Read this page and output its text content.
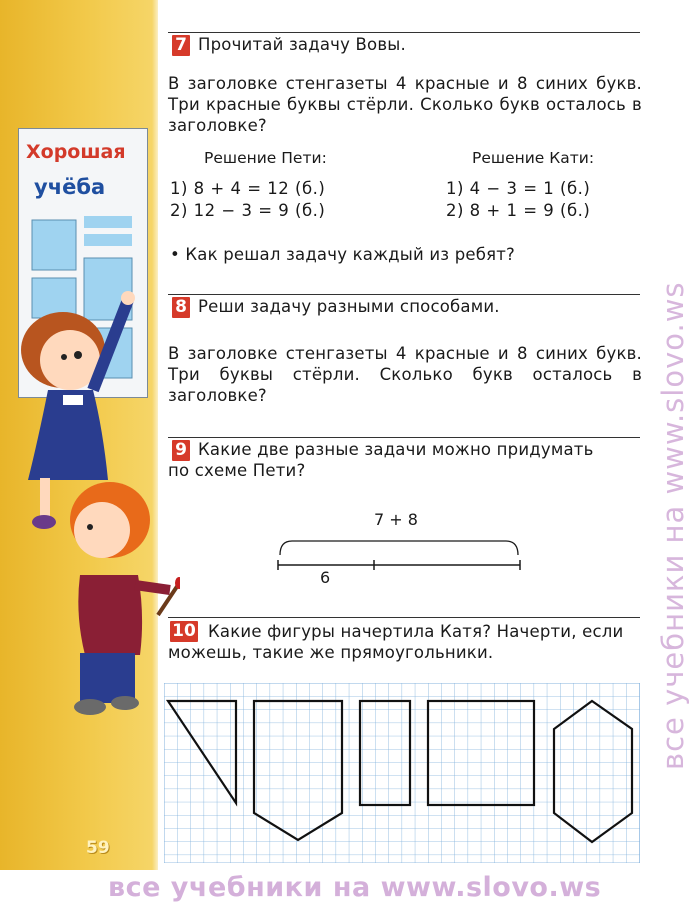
Хорошая
учёба
59
7 Прочитай задачу Вовы.
В заголовке стенгазеты 4 красные и 8 синих букв. Три красные буквы стёрли. Сколько букв осталось в заголовке?
Решение Пети:	Решение Кати:
1) 8 + 4 = 12 (б.)
2) 12 − 3 = 9 (б.)
1) 4 − 3 = 1 (б.)
2) 8 + 1 = 9 (б.)
• Как решал задачу каждый из ребят?
8 Реши задачу разными способами.
В заголовке стенгазеты 4 красные и 8 синих букв. Три буквы стёрли. Сколько букв осталось в заголовке?
9 Какие две разные задачи можно придумать
по схеме Пети?
7 + 8
6
10 Какие фигуры начертила Катя? Начерти, если
можешь, такие же прямоугольники.	все учебники на www.slovo.ws
все учебники на www.slovo.ws
